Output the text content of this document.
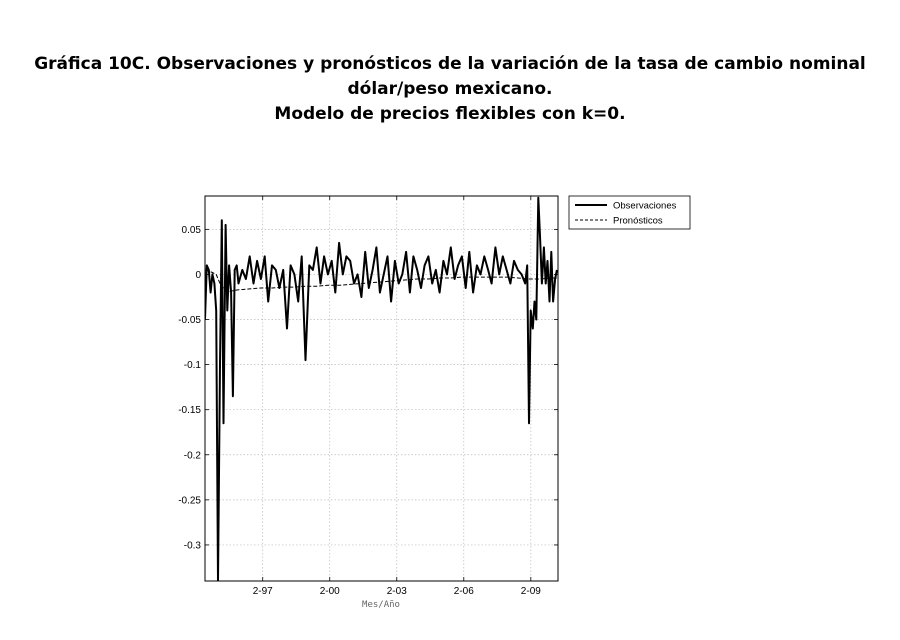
Gráfica 10C. Observaciones y pronósticos de la variación de la tasa de cambio nominal
dólar/peso mexicano.
Modelo de precios flexibles con k=0.
0.05
0
-0.05
-0.1
-0.15
-0.2
-0.25
-0.3
2-97	2-00	2-03	2-06	2-09
Mes/Año
Observaciones
Pronósticos
